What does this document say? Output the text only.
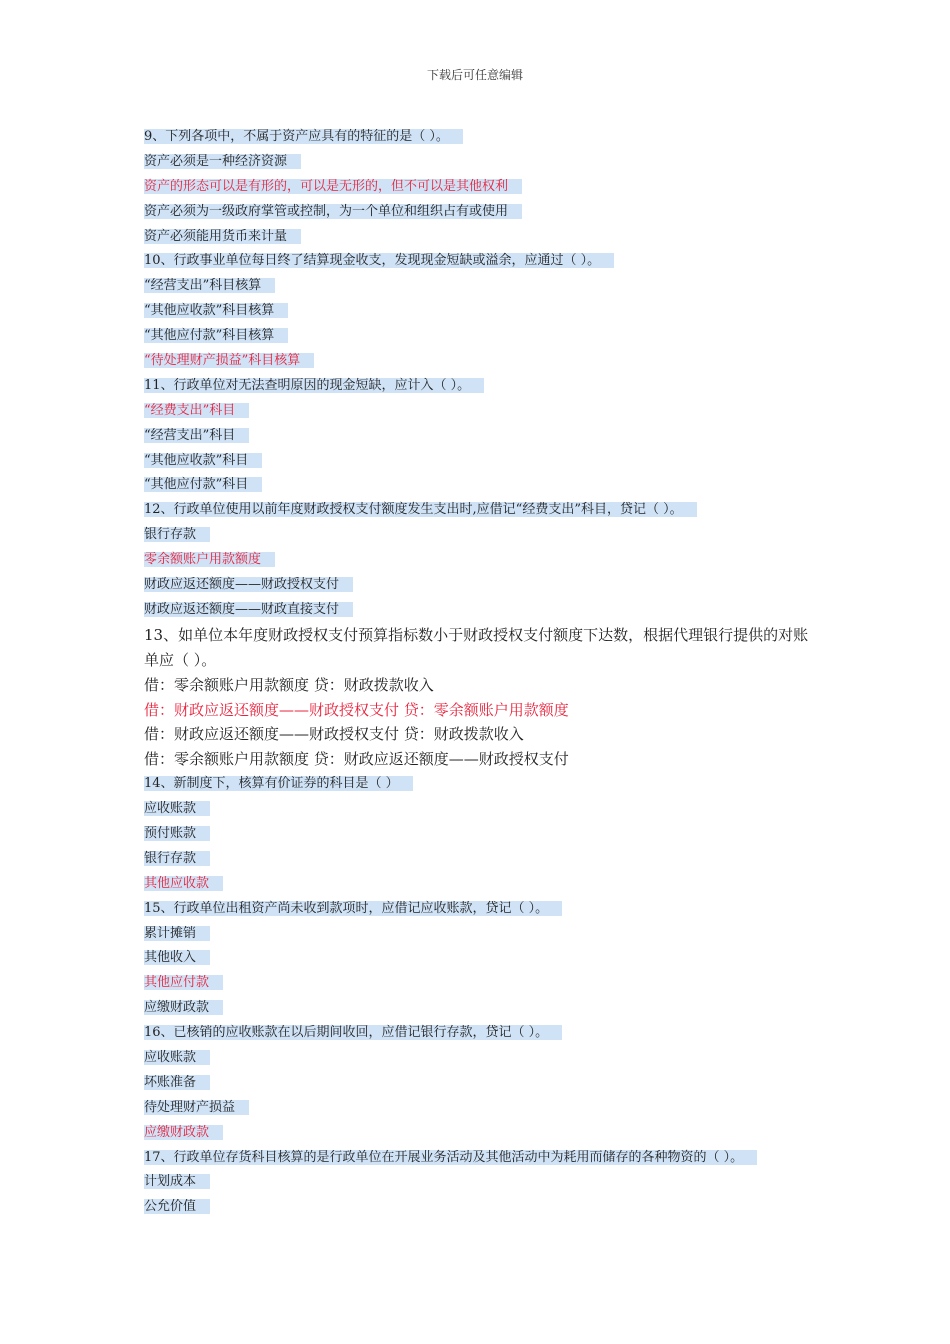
下载后可任意编辑
9、下列各项中，不属于资产应具有的特征的是（ ）。
资产必须是一种经济资源
资产的形态可以是有形的，可以是无形的，但不可以是其他权利
资产必须为一级政府掌管或控制，为一个单位和组织占有或使用
资产必须能用货币来计量
10、行政事业单位每日终了结算现金收支，发现现金短缺或溢余，应通过（ ）。
“经营支出”科目核算
“其他应收款”科目核算
“其他应付款”科目核算
“待处理财产损益”科目核算
11、行政单位对无法查明原因的现金短缺，应计入（ ）。
“经费支出”科目
“经营支出”科目
“其他应收款”科目
“其他应付款”科目
12、行政单位使用以前年度财政授权支付额度发生支出时,应借记“经费支出”科目，贷记（ ）。
银行存款
零余额账户用款额度
财政应返还额度——财政授权支付
财政应返还额度——财政直接支付
13、如单位本年度财政授权支付预算指标数小于财政授权支付额度下达数，根据代理银行提供的对账单应（ ）。
借：零余额账户用款额度 贷：财政拨款收入
借：财政应返还额度——财政授权支付 贷：零余额账户用款额度
借：财政应返还额度——财政授权支付 贷：财政拨款收入
借：零余额账户用款额度 贷：财政应返还额度——财政授权支付
14、新制度下，核算有价证券的科目是（ ）
应收账款
预付账款
银行存款
其他应收款
15、行政单位出租资产尚未收到款项时，应借记应收账款，贷记（ ）。
累计摊销
其他收入
其他应付款
应缴财政款
16、已核销的应收账款在以后期间收回，应借记银行存款，贷记（ ）。
应收账款
坏账准备
待处理财产损益
应缴财政款
17、行政单位存货科目核算的是行政单位在开展业务活动及其他活动中为耗用而储存的各种物资的（ ）。
计划成本
公允价值
